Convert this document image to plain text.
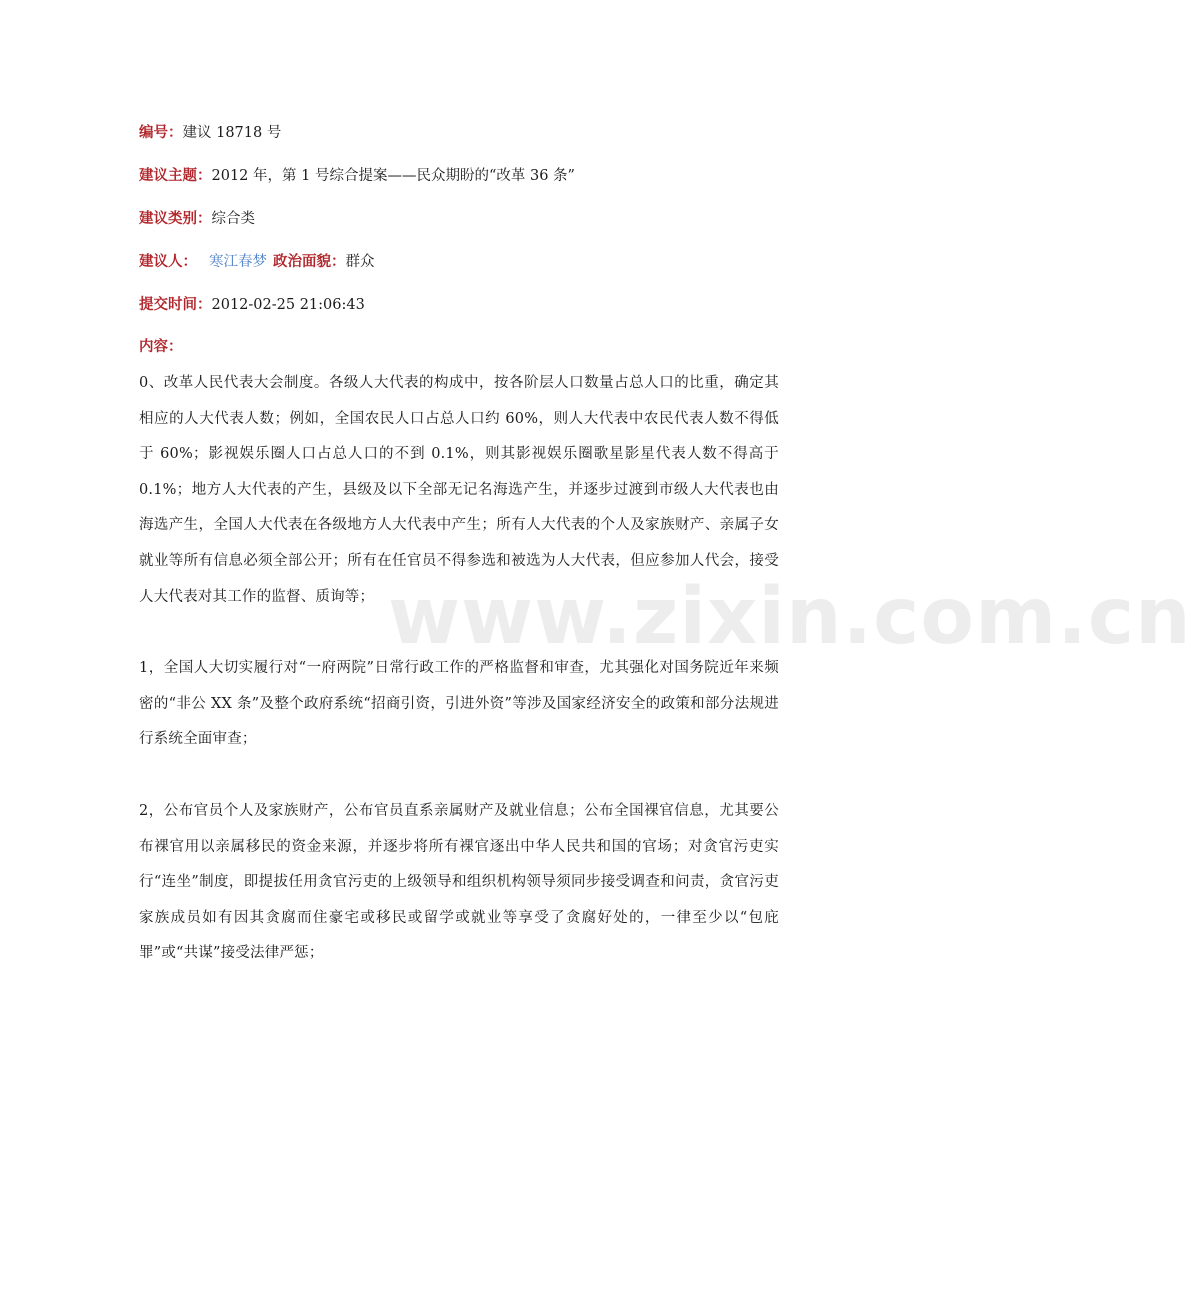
编号：建议 18718 号
建议主题：2012 年，第 1 号综合提案——民众期盼的“改革 36 条”
建议类别：综合类
建议人： 寒江春梦 政治面貌：群众
提交时间：2012-02-25 21:06:43
内容：

0、改革人民代表大会制度。各级人大代表的构成中，按各阶层人口数量占总人口的比重，确定其相应的人大代表人数；例如，全国农民人口占总人口约 60%，则人大代表中农民代表人数不得低于 60%；影视娱乐圈人口占总人口的不到 0.1%，则其影视娱乐圈歌星影星代表人数不得高于 0.1%；地方人大代表的产生，县级及以下全部无记名海选产生，并逐步过渡到市级人大代表也由海选产生，全国人大代表在各级地方人大代表中产生；所有人大代表的个人及家族财产、亲属子女就业等所有信息必须全部公开；所有在任官员不得参选和被选为人大代表，但应参加人代会，接受人大代表对其工作的监督、质询等；

1，全国人大切实履行对“一府两院”日常行政工作的严格监督和审查，尤其强化对国务院近年来频密的“非公 XX 条”及整个政府系统“招商引资，引进外资”等涉及国家经济安全的政策和部分法规进行系统全面审查；

2，公布官员个人及家族财产，公布官员直系亲属财产及就业信息；公布全国裸官信息，尤其要公布裸官用以亲属移民的资金来源，并逐步将所有裸官逐出中华人民共和国的官场；对贪官污吏实行“连坐”制度，即提拔任用贪官污吏的上级领导和组织机构领导须同步接受调查和问责，贪官污吏家族成员如有因其贪腐而住豪宅或移民或留学或就业等享受了贪腐好处的，一律至少以“包庇罪”或“共谋”接受法律严惩；

www.zixin.com.cn
